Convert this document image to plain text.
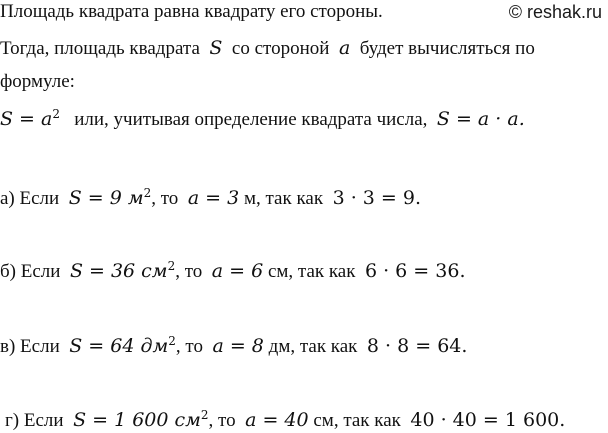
Площадь квадрата равна квадрату его стороны.	© reshak.ru
Тогда, площадь квадрата S со стороной a будет вычисляться по
формуле:
$S = a^2$ или, учитывая определение квадрата числа, S = a · a.
а) Если S = 9 $м^2$, то a = 3 м, так как 3 · 3 = 9.
б) Если S = 36 $см^2$, то a = 6 см, так как 6 · 6 = 36.
в) Если S = 64 $дм^2$, то a = 8 дм, так как 8 · 8 = 64.
г) Если S = 1 600 $см^2$, то a = 40 см, так как 40 · 40 = 1 600.
